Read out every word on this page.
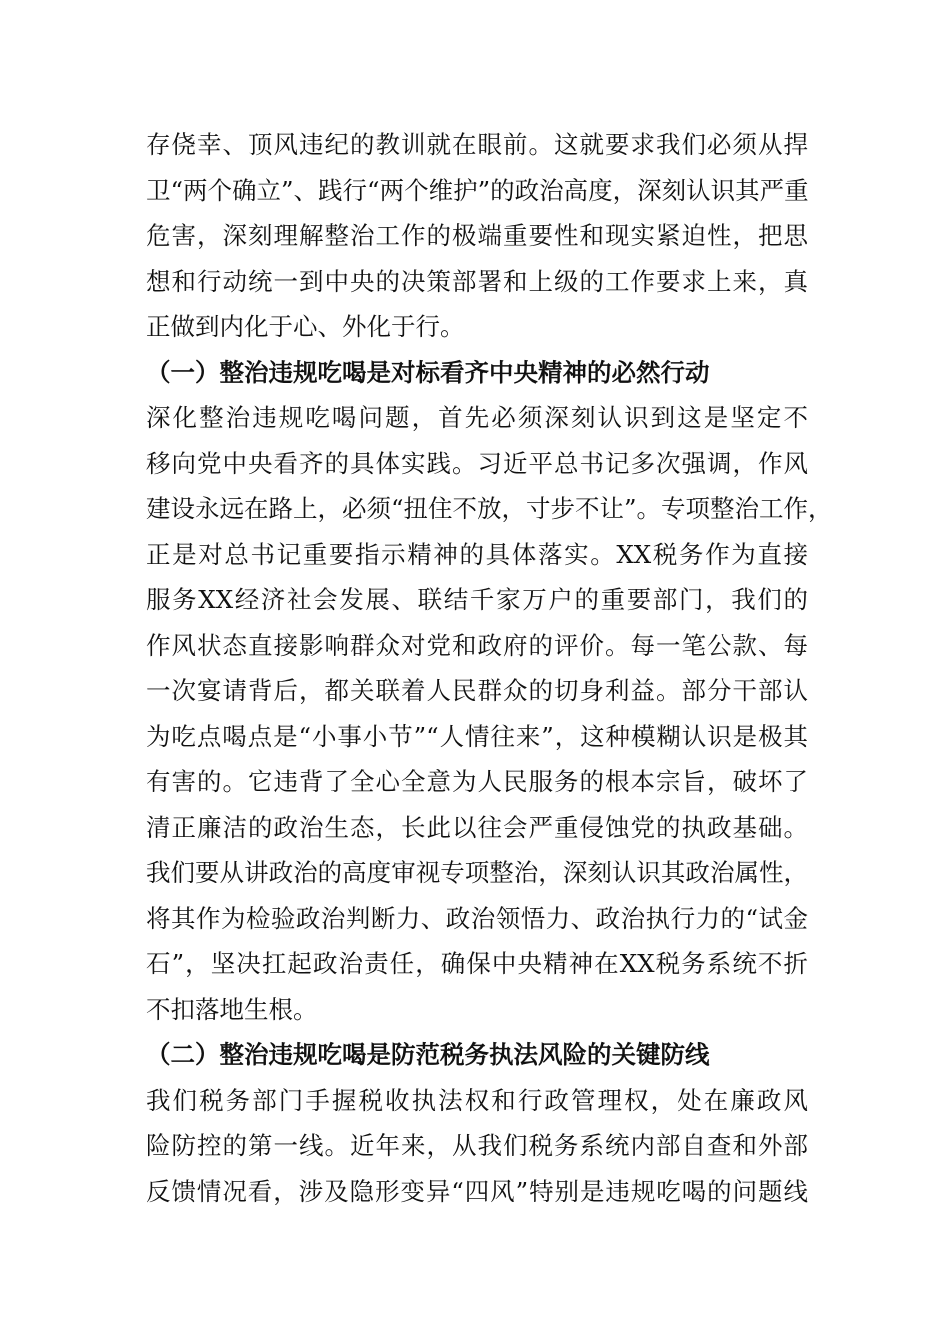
存侥幸、顶风违纪的教训就在眼前。这就要求我们必须从捍
卫“两个确立”、践行“两个维护”的政治高度，深刻认识其严重
危害，深刻理解整治工作的极端重要性和现实紧迫性，把思
想和行动统一到中央的决策部署和上级的工作要求上来，真
正做到内化于心、外化于行。
（一）整治违规吃喝是对标看齐中央精神的必然行动
深化整治违规吃喝问题，首先必须深刻认识到这是坚定不
移向党中央看齐的具体实践。习近平总书记多次强调，作风
建设永远在路上，必须“扭住不放，寸步不让”。专项整治工作，
正是对总书记重要指示精神的具体落实。XX税务作为直接
服务XX经济社会发展、联结千家万户的重要部门，我们的
作风状态直接影响群众对党和政府的评价。每一笔公款、每
一次宴请背后，都关联着人民群众的切身利益。部分干部认
为吃点喝点是“小事小节”“人情往来”，这种模糊认识是极其
有害的。它违背了全心全意为人民服务的根本宗旨，破坏了
清正廉洁的政治生态，长此以往会严重侵蚀党的执政基础。
我们要从讲政治的高度审视专项整治，深刻认识其政治属性，
将其作为检验政治判断力、政治领悟力、政治执行力的“试金
石”，坚决扛起政治责任，确保中央精神在XX税务系统不折
不扣落地生根。
（二）整治违规吃喝是防范税务执法风险的关键防线
我们税务部门手握税收执法权和行政管理权，处在廉政风
险防控的第一线。近年来，从我们税务系统内部自查和外部
反馈情况看，涉及隐形变异“四风”特别是违规吃喝的问题线
